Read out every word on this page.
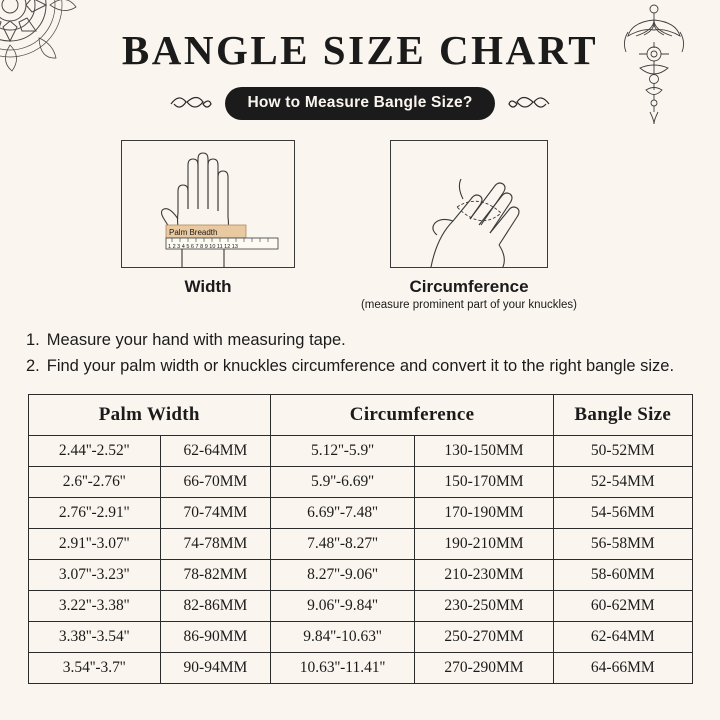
BANGLE SIZE CHART
How to Measure Bangle Size?
Palm Breadth
1 2 3 4 5 6 7 8 9 10 11 12 13
Width	Circumference
(measure prominent part of your knuckles)
1. Measure your hand with measuring tape.
2. Find your palm width or knuckles circumference and convert it to the right bangle size.
Palm Width		Circumference		Bangle Size
2.44''-2.52''	62-64MM	5.12''-5.9''	130-150MM	50-52MM
2.6''-2.76''	66-70MM	5.9''-6.69''	150-170MM	52-54MM
2.76''-2.91''	70-74MM	6.69''-7.48''	170-190MM	54-56MM
2.91''-3.07''	74-78MM	7.48''-8.27''	190-210MM	56-58MM
3.07''-3.23''	78-82MM	8.27''-9.06''	210-230MM	58-60MM
3.22''-3.38''	82-86MM	9.06''-9.84''	230-250MM	60-62MM
3.38''-3.54''	86-90MM	9.84''-10.63''	250-270MM	62-64MM
3.54''-3.7''	90-94MM	10.63''-11.41''	270-290MM	64-66MM
